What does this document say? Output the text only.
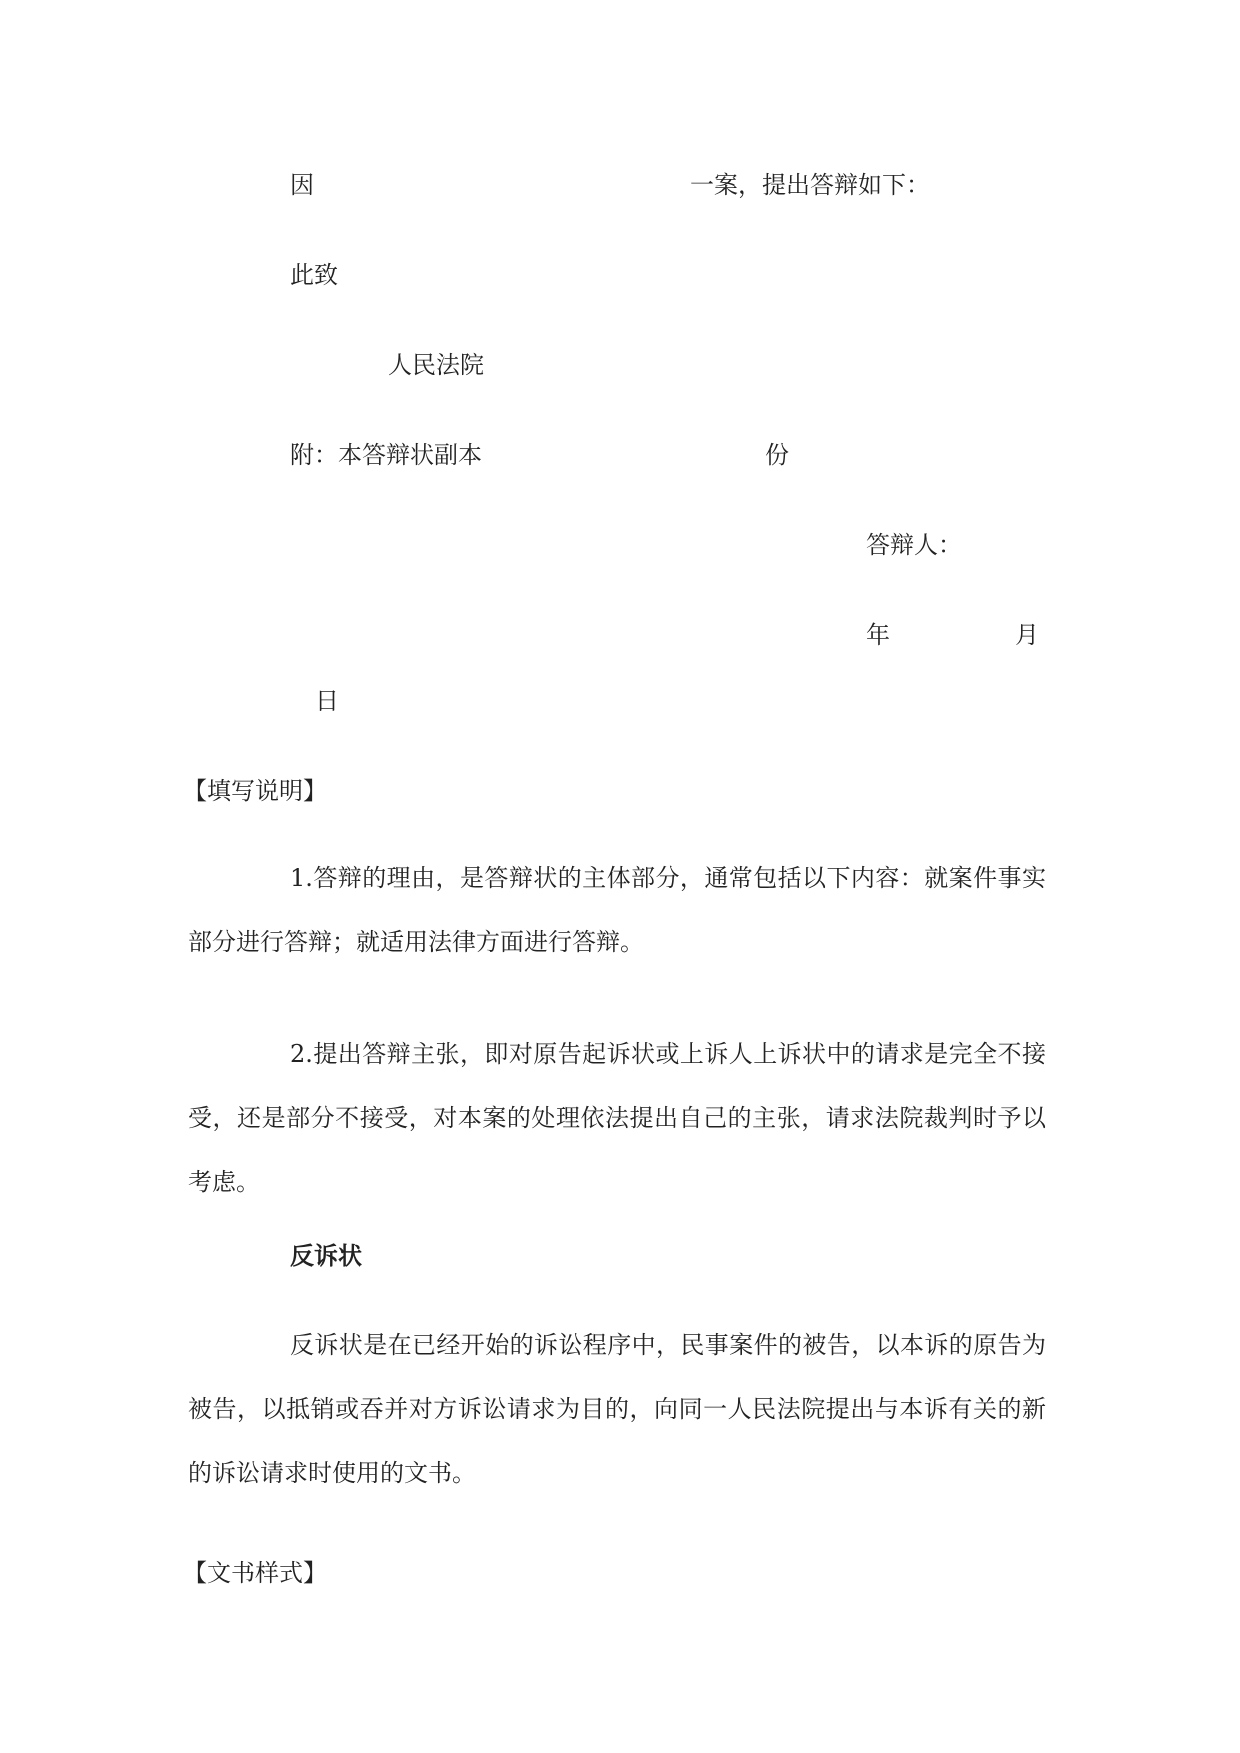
因	一案，提出答辩如下：

此致

人民法院

附：本答辩状副本	份

答辩人：

年	月

日

【填写说明】

1.答辩的理由，是答辩状的主体部分，通常包括以下内容：就案件事实部分进行答辩；就适用法律方面进行答辩。

2.提出答辩主张，即对原告起诉状或上诉人上诉状中的请求是完全不接受，还是部分不接受，对本案的处理依法提出自己的主张，请求法院裁判时予以考虑。

反诉状

反诉状是在已经开始的诉讼程序中，民事案件的被告，以本诉的原告为被告，以抵销或吞并对方诉讼请求为目的，向同一人民法院提出与本诉有关的新的诉讼请求时使用的文书。

【文书样式】
